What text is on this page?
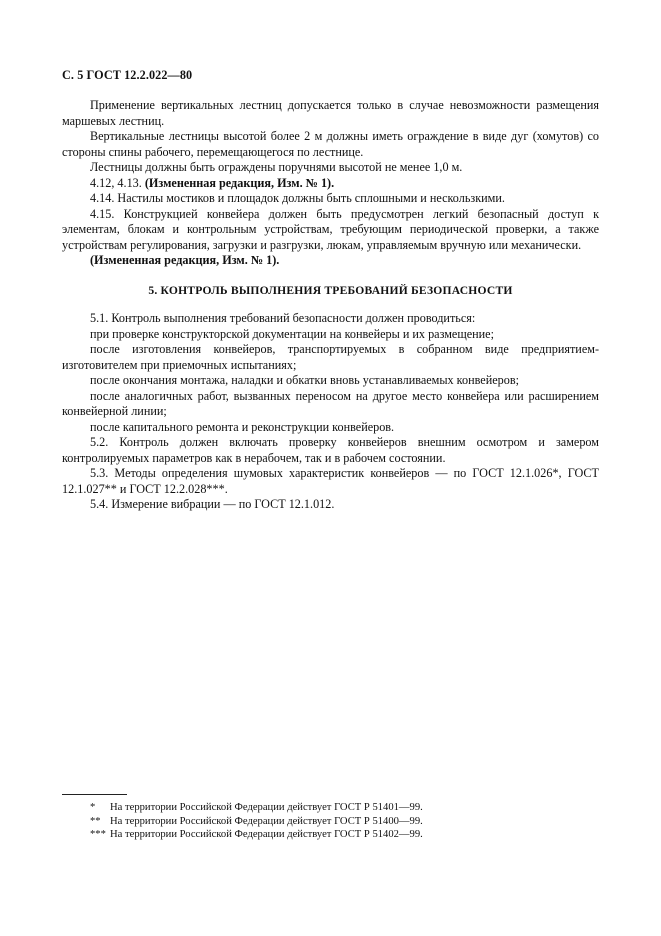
С. 5 ГОСТ 12.2.022—80

Применение вертикальных лестниц допускается только в случае невозможности размещения маршевых лестниц.

Вертикальные лестницы высотой более 2 м должны иметь ограждение в виде дуг (хомутов) со стороны спины рабочего, перемещающегося по лестнице.

Лестницы должны быть ограждены поручнями высотой не менее 1,0 м.

4.12, 4.13. (Измененная редакция, Изм. № 1).

4.14. Настилы мостиков и площадок должны быть сплошными и нескользкими.

4.15. Конструкцией конвейера должен быть предусмотрен легкий безопасный доступ к элементам, блокам и контрольным устройствам, требующим периодической проверки, а также устройствам регулирования, загрузки и разгрузки, люкам, управляемым вручную или механически.

(Измененная редакция, Изм. № 1).

5. КОНТРОЛЬ ВЫПОЛНЕНИЯ ТРЕБОВАНИЙ БЕЗОПАСНОСТИ

5.1. Контроль выполнения требований безопасности должен проводиться:

при проверке конструкторской документации на конвейеры и их размещение;

после изготовления конвейеров, транспортируемых в собранном виде предприятием-изготовителем при приемочных испытаниях;

после окончания монтажа, наладки и обкатки вновь устанавливаемых конвейеров;

после аналогичных работ, вызванных переносом на другое место конвейера или расширением конвейерной линии;

после капитального ремонта и реконструкции конвейеров.

5.2. Контроль должен включать проверку конвейеров внешним осмотром и замером контролируемых параметров как в нерабочем, так и в рабочем состоянии.

5.3. Методы определения шумовых характеристик конвейеров — по ГОСТ 12.1.026*, ГОСТ 12.1.027** и ГОСТ 12.2.028***.

5.4. Измерение вибрации — по ГОСТ 12.1.012.

*	На территории Российской Федерации действует ГОСТ Р 51401—99.
** На территории Российской Федерации действует ГОСТ Р 51400—99.
*** На территории Российской Федерации действует ГОСТ Р 51402—99.
